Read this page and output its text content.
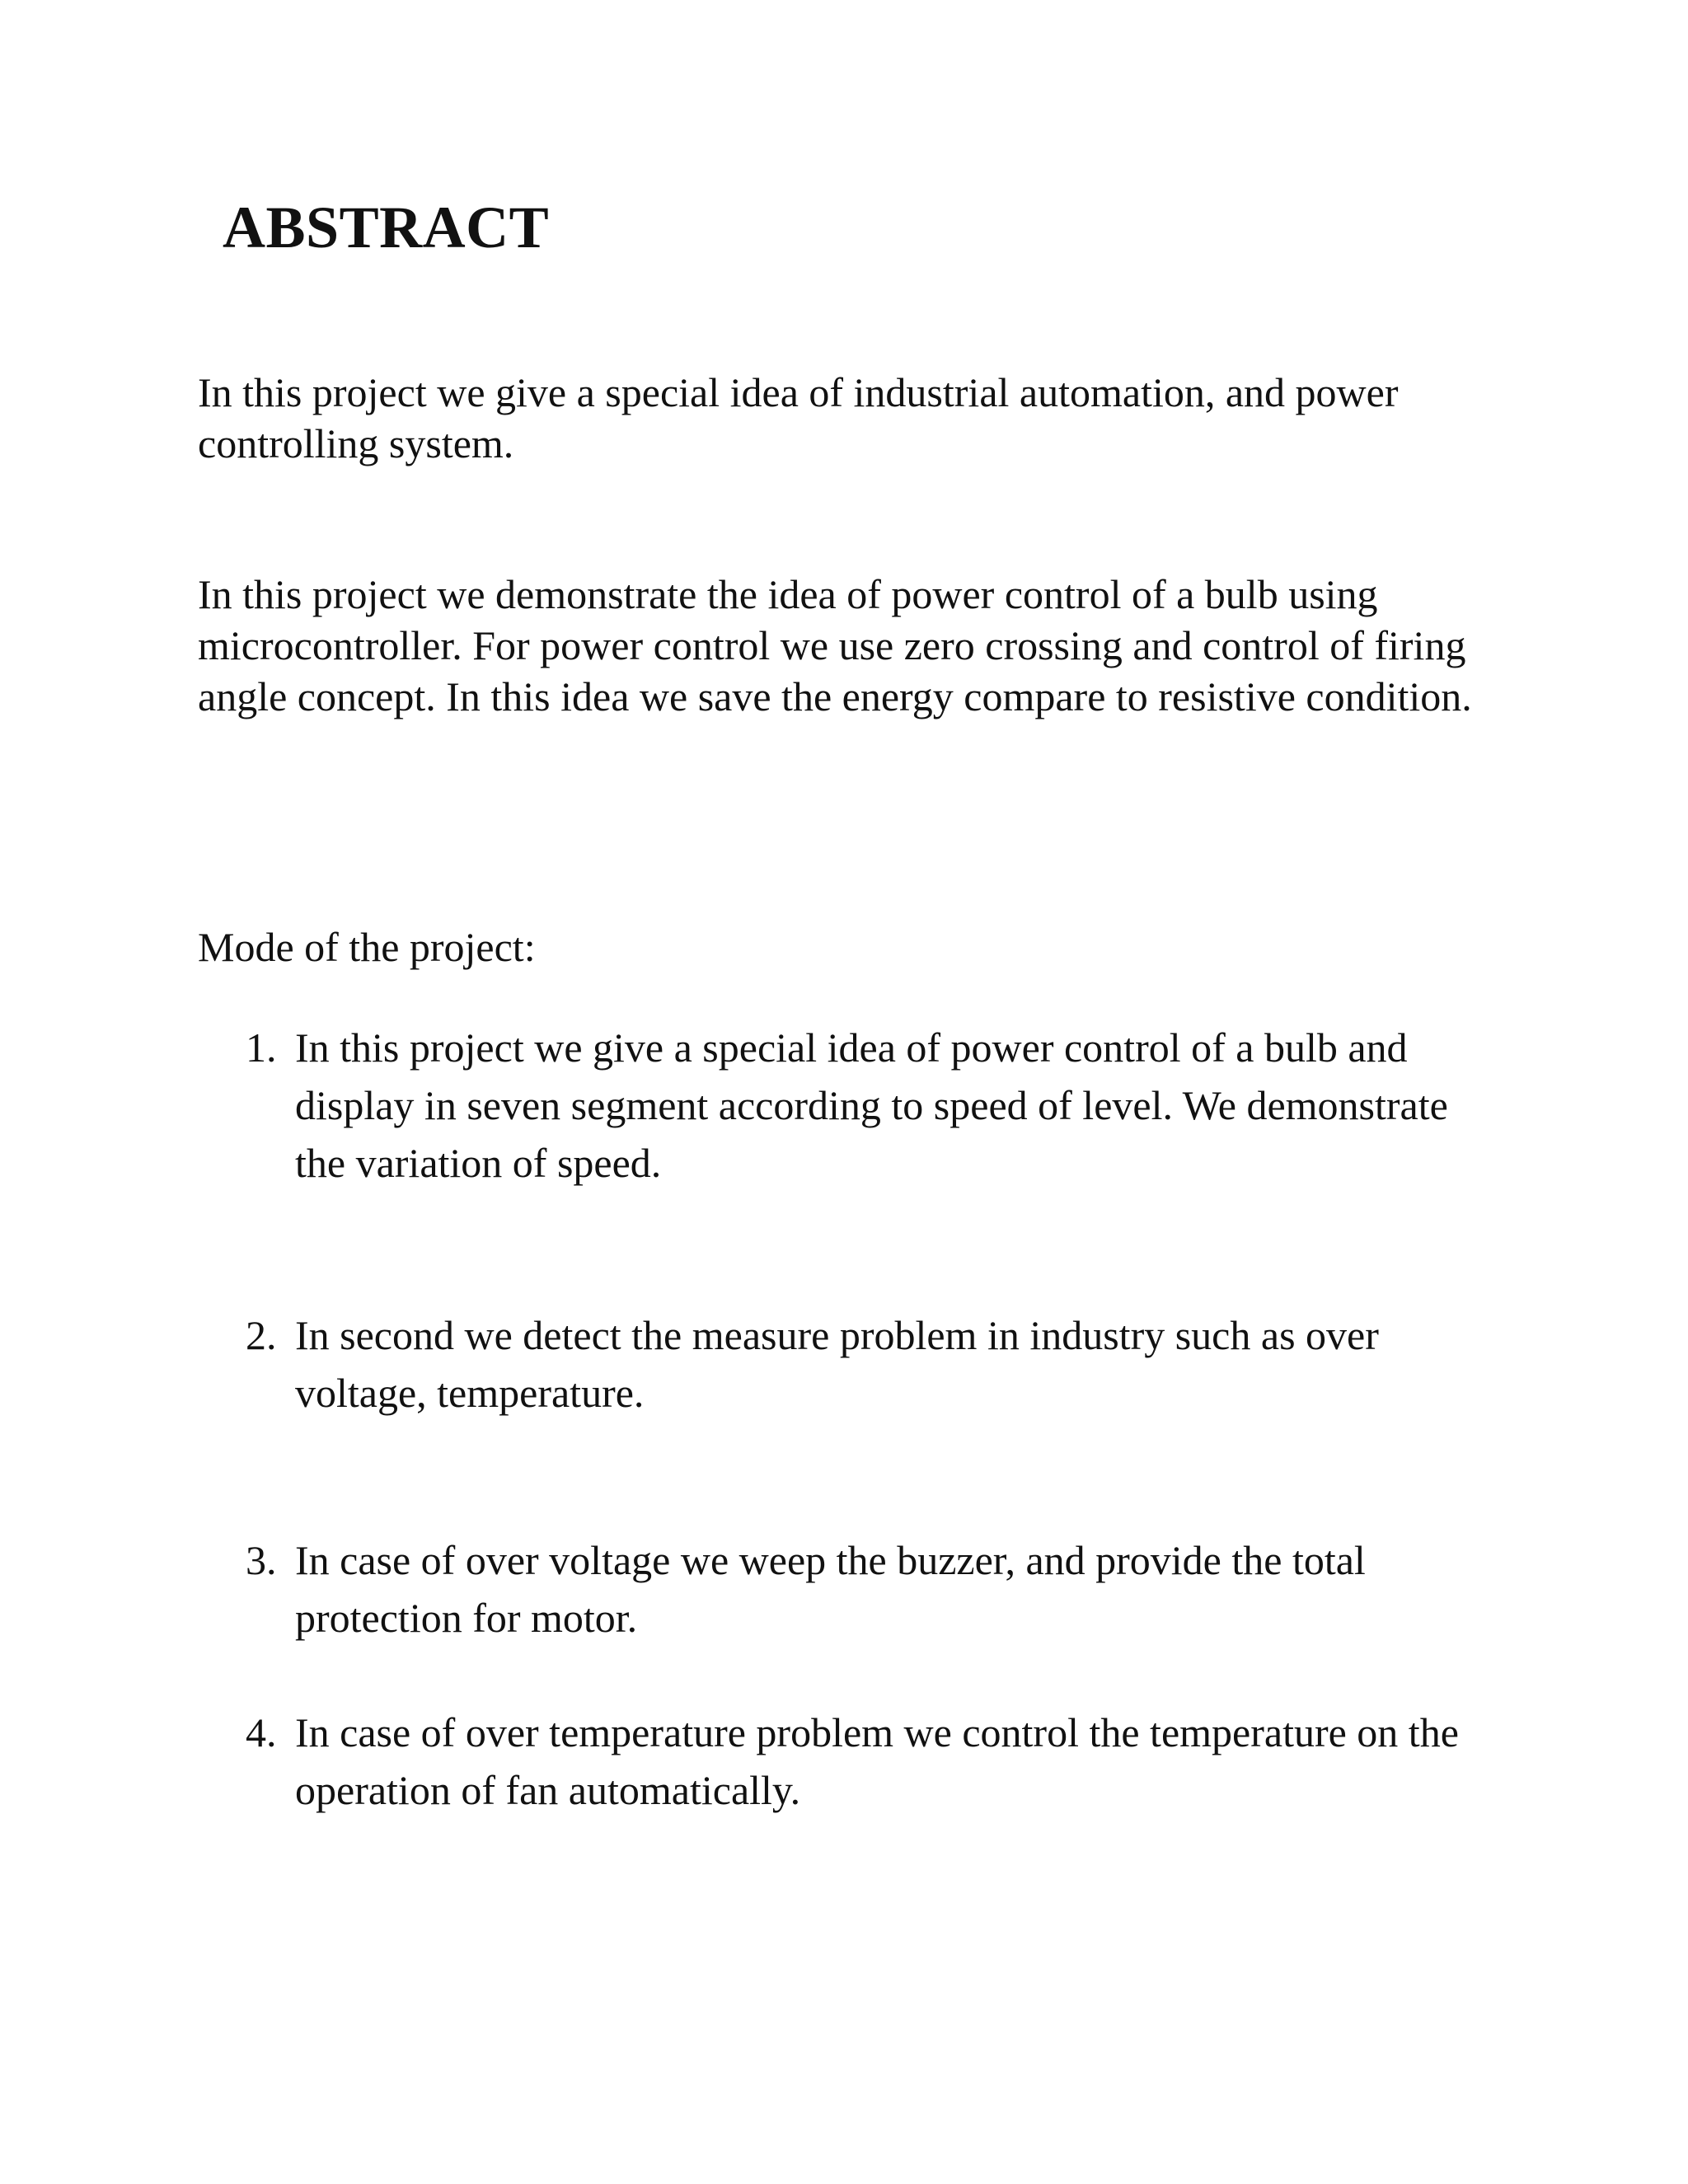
ABSTRACT

In this project we give a special idea of industrial automation, and power controlling system.

In this project we demonstrate the idea of power control of a bulb using microcontroller. For power control we use zero crossing and control of firing angle concept. In this idea we save the energy compare to resistive condition.

Mode of the project:

1. In this project we give a special idea of power control of a bulb and display in seven segment according to speed of level. We demonstrate the variation of speed.

2. In second we detect the measure problem in industry such as over voltage, temperature.

3. In case of over voltage we weep the buzzer, and provide the total protection for motor.

4. In case of over temperature problem we control the temperature on the operation of fan automatically.
